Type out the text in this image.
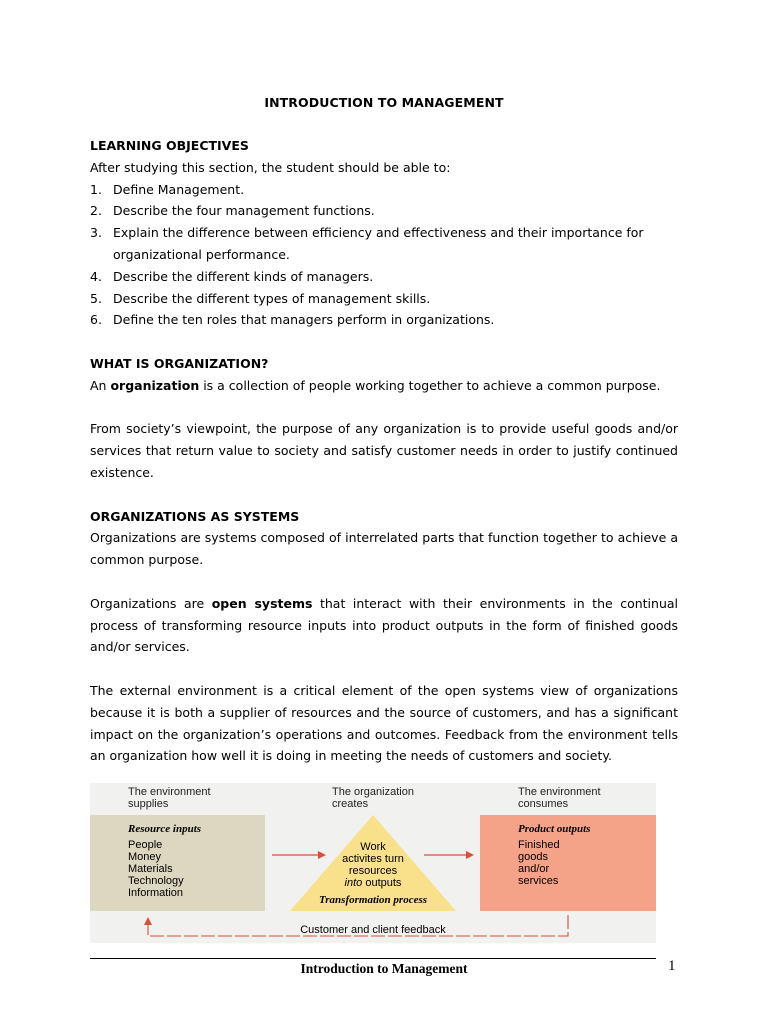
INTRODUCTION TO MANAGEMENT
LEARNING OBJECTIVES
After studying this section, the student should be able to:
1. Define Management.
2. Describe the four management functions.
3. Explain the difference between efficiency and effectiveness and their importance for organizational performance.
4. Describe the different kinds of managers.
5. Describe the different types of management skills.
6. Define the ten roles that managers perform in organizations.
WHAT IS ORGANIZATION?
An organization is a collection of people working together to achieve a common purpose.
From society’s viewpoint, the purpose of any organization is to provide useful goods and/or services that return value to society and satisfy customer needs in order to justify continued existence.
ORGANIZATIONS AS SYSTEMS
Organizations are systems composed of interrelated parts that function together to achieve a common purpose.
Organizations are open systems that interact with their environments in the continual process of transforming resource inputs into product outputs in the form of finished goods and/or services.
The external environment is a critical element of the open systems view of organizations because it is both a supplier of resources and the source of customers, and has a significant impact on the organization’s operations and outcomes. Feedback from the environment tells an organization how well it is doing in meeting the needs of customers and society.
The environment
supplies
The organization
creates
The environment
consumes
Resource inputs
People
Money
Materials
Technology
Information
Work
activites turn
resources
into outputs
Transformation process
Product outputs
Finished
goods
and/or
services
Customer and client feedback
Introduction to Management	1
